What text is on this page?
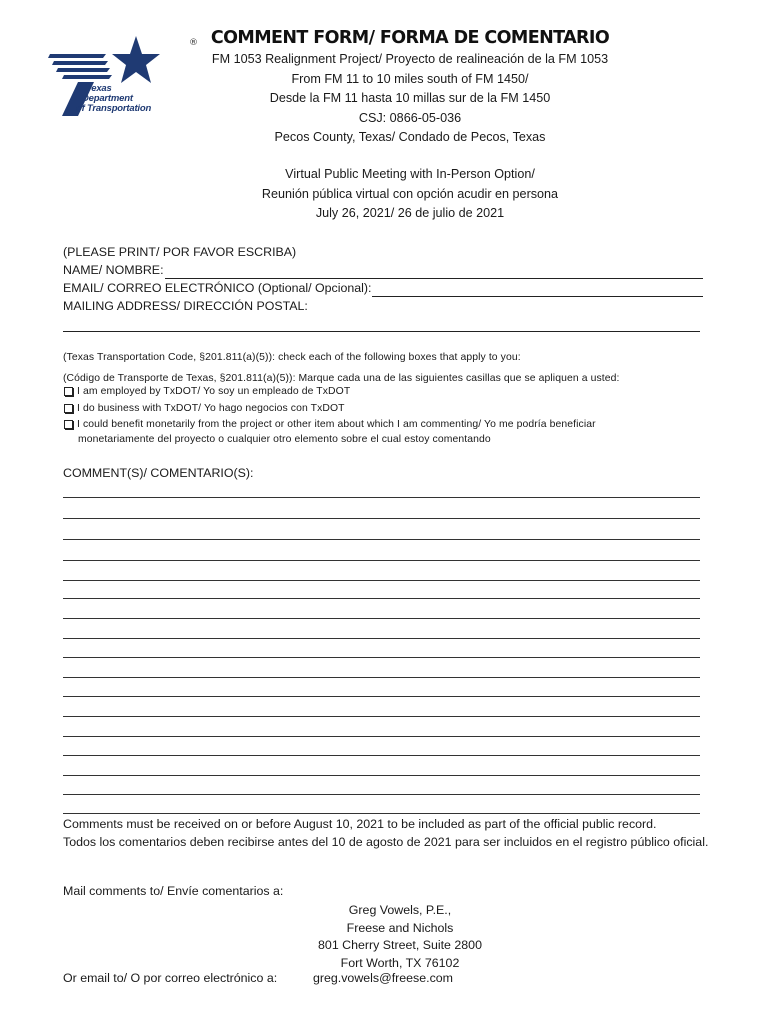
®
Texas
Department
of Transportation
COMMENT FORM/ FORMA DE COMENTARIO
FM 1053 Realignment Project/ Proyecto de realineación de la FM 1053
From FM 11 to 10 miles south of FM 1450/
Desde la FM 11 hasta 10 millas sur de la FM 1450
CSJ: 0866-05-036
Pecos County, Texas/ Condado de Pecos, Texas
Virtual Public Meeting with In-Person Option/
Reunión pública virtual con opción acudir en persona
July 26, 2021/ 26 de julio de 2021
(PLEASE PRINT/ POR FAVOR ESCRIBA)
NAME/ NOMBRE:
EMAIL/ CORREO ELECTRÓNICO (Optional/ Opcional):
MAILING ADDRESS/ DIRECCIÓN POSTAL:
(Texas Transportation Code, §201.811(a)(5)): check each of the following boxes that apply to you:
(Código de Transporte de Texas, §201.811(a)(5)): Marque cada una de las siguientes casillas que se apliquen a usted:
I am employed by TxDOT/ Yo soy un empleado de TxDOT
I do business with TxDOT/ Yo hago negocios con TxDOT
I could benefit monetarily from the project or other item about which I am commenting/ Yo me podría beneficiar
monetariamente del proyecto o cualquier otro elemento sobre el cual estoy comentando
COMMENT(S)/ COMENTARIO(S):
Comments must be received on or before August 10, 2021 to be included as part of the official public record.
Todos los comentarios deben recibirse antes del 10 de agosto de 2021 para ser incluidos en el registro público oficial.
Mail comments to/ Envíe comentarios a:
Greg Vowels, P.E.,
Freese and Nichols
801 Cherry Street, Suite 2800
Fort Worth, TX 76102
Or email to/ O por correo electrónico a:	greg.vowels@freese.com
